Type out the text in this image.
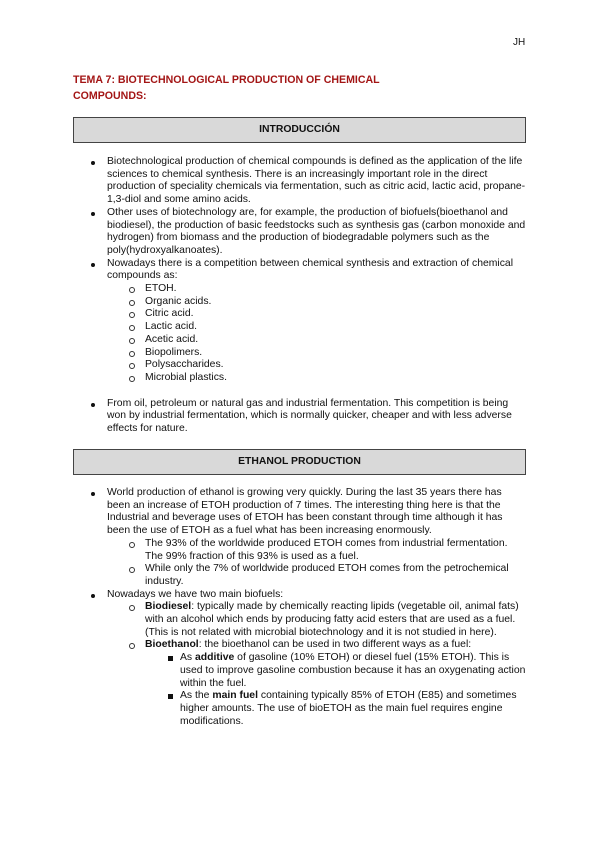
JH
TEMA 7: BIOTECHNOLOGICAL PRODUCTION OF CHEMICAL COMPOUNDS:
INTRODUCCIÓN
Biotechnological production of chemical compounds is defined as the application of the life sciences to chemical synthesis. There is an increasingly important role in the direct production of speciality chemicals via fermentation, such as citric acid, lactic acid, propane-1,3-diol and some amino acids.
Other uses of biotechnology are, for example, the production of biofuels(bioethanol and biodiesel), the production of basic feedstocks such as synthesis gas (carbon monoxide and hydrogen) from biomass and the production of biodegradable polymers such as the poly(hydroxyalkanoates).
Nowadays there is a competition between chemical synthesis and extraction of chemical compounds as:
ETOH.
Organic acids.
Citric acid.
Lactic acid.
Acetic acid.
Biopolimers.
Polysaccharides.
Microbial plastics.
From oil, petroleum or natural gas and industrial fermentation. This competition is being won by industrial fermentation, which is normally quicker, cheaper and with less adverse effects for nature.
ETHANOL PRODUCTION
World production of ethanol is growing very quickly. During the last 35 years there has been an increase of ETOH production of 7 times. The interesting thing here is that the Industrial and beverage uses of ETOH has been constant through time although it has been the use of ETOH as a fuel what has been increasing enormously.
The 93% of the worldwide produced ETOH comes from industrial fermentation. The 99% fraction of this 93% is used as a fuel.
While only the 7% of worldwide produced ETOH comes from the petrochemical industry.
Nowadays we have two main biofuels:
Biodiesel: typically made by chemically reacting lipids (vegetable oil, animal fats) with an alcohol which ends by producing fatty acid esters that are used as a fuel. (This is not related with microbial biotechnology and it is not studied in here).
Bioethanol: the bioethanol can be used in two different ways as a fuel:
As additive of gasoline (10% ETOH) or diesel fuel (15% ETOH). This is used to improve gasoline combustion because it has an oxygenating action within the fuel.
As the main fuel containing typically 85% of ETOH (E85) and sometimes higher amounts. The use of bioETOH as the main fuel requires engine modifications.
